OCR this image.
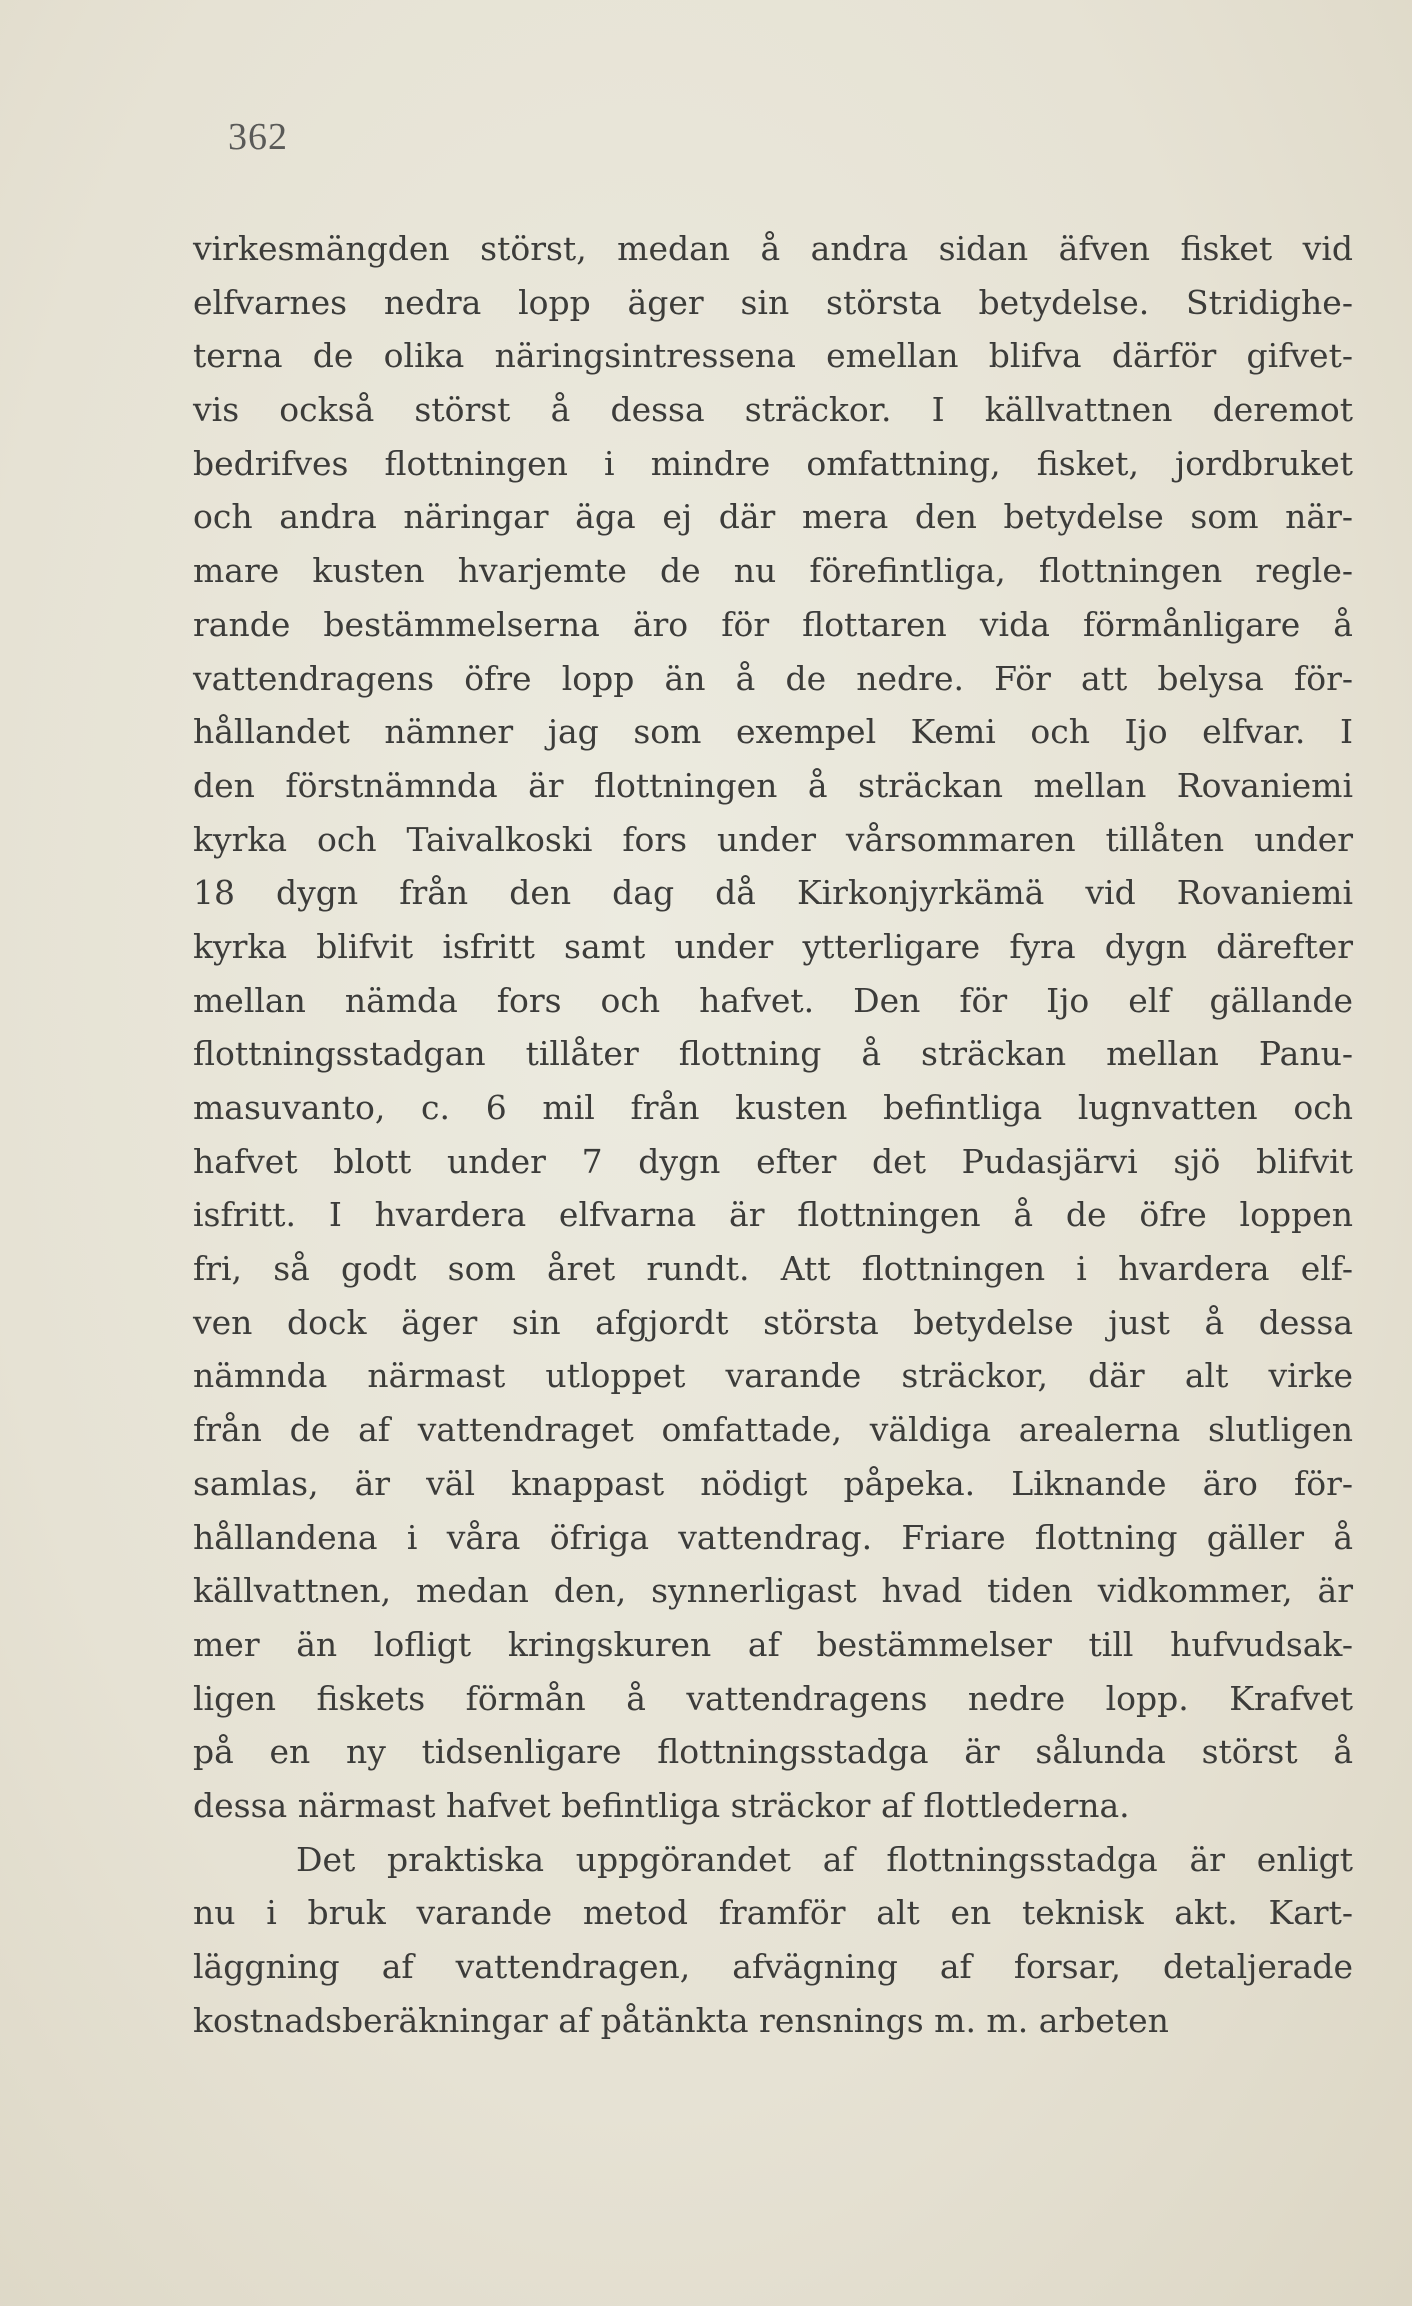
362
virkesmängden störst, medan å andra sidan äfven fisket vid
elfvarnes nedra lopp äger sin största betydelse. Stridighe-
terna de olika näringsintressena emellan blifva därför gifvet-
vis också störst å dessa sträckor. I källvattnen deremot
bedrifves flottningen i mindre omfattning, fisket, jordbruket
och andra näringar äga ej där mera den betydelse som när-
mare kusten hvarjemte de nu förefintliga, flottningen regle-
rande bestämmelserna äro för flottaren vida förmånligare å
vattendragens öfre lopp än å de nedre. För att belysa för-
hållandet nämner jag som exempel Kemi och Ijo elfvar. I
den förstnämnda är flottningen å sträckan mellan Rovaniemi
kyrka och Taivalkoski fors under vårsommaren tillåten under
18 dygn från den dag då Kirkonjyrkämä vid Rovaniemi
kyrka blifvit isfritt samt under ytterligare fyra dygn därefter
mellan nämda fors och hafvet. Den för Ijo elf gällande
flottningsstadgan tillåter flottning å sträckan mellan Panu-
masuvanto, c. 6 mil från kusten befintliga lugnvatten och
hafvet blott under 7 dygn efter det Pudasjärvi sjö blifvit
isfritt. I hvardera elfvarna är flottningen å de öfre loppen
fri, så godt som året rundt. Att flottningen i hvardera elf-
ven dock äger sin afgjordt största betydelse just å dessa
nämnda närmast utloppet varande sträckor, där alt virke
från de af vattendraget omfattade, väldiga arealerna slutligen
samlas, är väl knappast nödigt påpeka. Liknande äro för-
hållandena i våra öfriga vattendrag. Friare flottning gäller å
källvattnen, medan den, synnerligast hvad tiden vidkommer, är
mer än lofligt kringskuren af bestämmelser till hufvudsak-
ligen fiskets förmån å vattendragens nedre lopp. Krafvet
på en ny tidsenligare flottningsstadga är sålunda störst å
dessa närmast hafvet befintliga sträckor af flottlederna.
Det praktiska uppgörandet af flottningsstadga är enligt
nu i bruk varande metod framför alt en teknisk akt. Kart-
läggning af vattendragen, afvägning af forsar, detaljerade
kostnadsberäkningar af påtänkta rensnings m. m. arbeten
